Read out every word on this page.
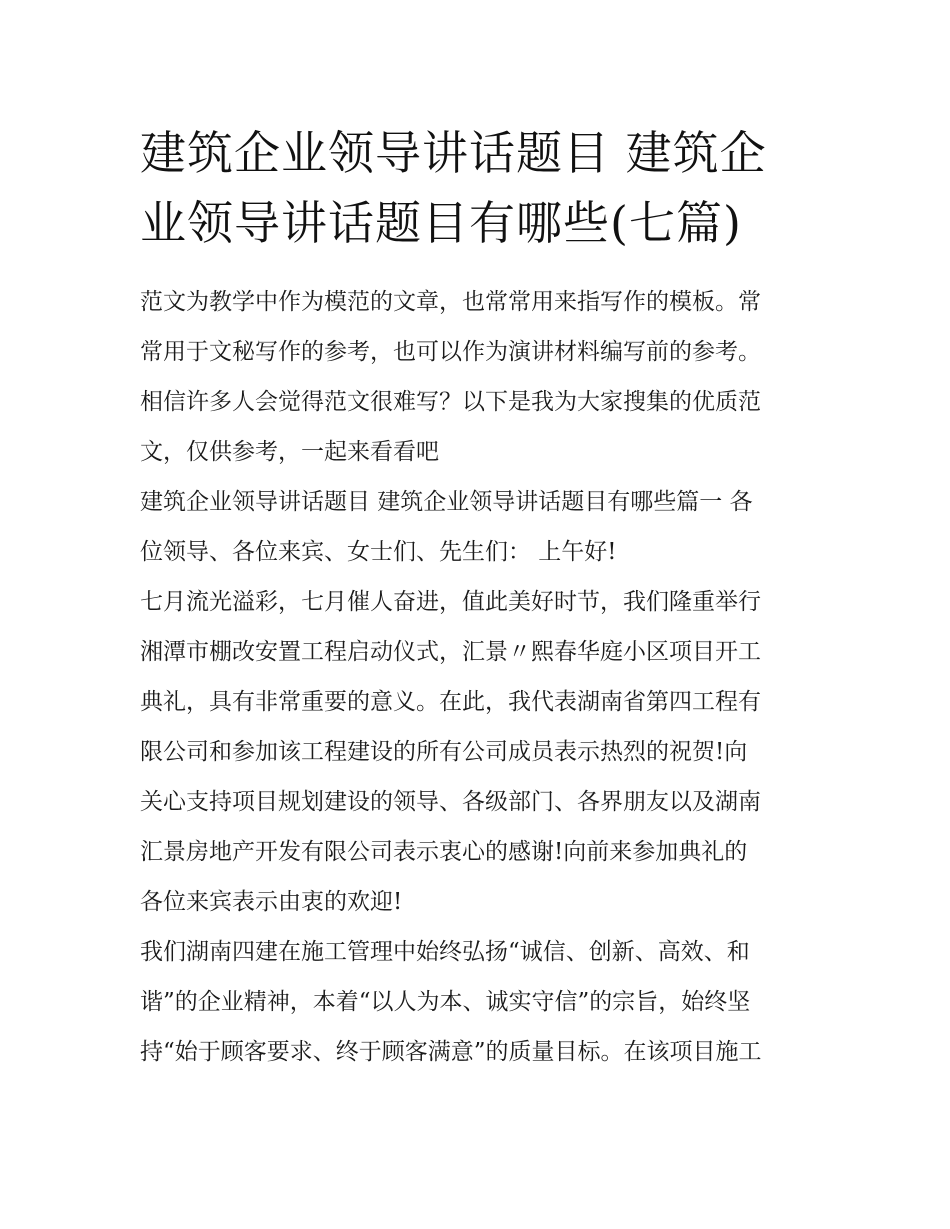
建筑企业领导讲话题目 建筑企
业领导讲话题目有哪些(七篇)

范文为教学中作为模范的文章，也常常用来指写作的模板。常
常用于文秘写作的参考，也可以作为演讲材料编写前的参考。
相信许多人会觉得范文很难写？以下是我为大家搜集的优质范
文，仅供参考，一起来看看吧

建筑企业领导讲话题目 建筑企业领导讲话题目有哪些篇一 各
位领导、各位来宾、女士们、先生们： 上午好!

七月流光溢彩，七月催人奋进，值此美好时节，我们隆重举行
湘潭市棚改安置工程启动仪式，汇景〃熙春华庭小区项目开工
典礼，具有非常重要的意义。在此，我代表湖南省第四工程有
限公司和参加该工程建设的所有公司成员表示热烈的祝贺!向
关心支持项目规划建设的领导、各级部门、各界朋友以及湖南
汇景房地产开发有限公司表示衷心的感谢!向前来参加典礼的
各位来宾表示由衷的欢迎!

我们湖南四建在施工管理中始终弘扬“诚信、创新、高效、和
谐”的企业精神，本着“以人为本、诚实守信”的宗旨，始终坚
持“始于顾客要求、终于顾客满意”的质量目标。在该项目施工
